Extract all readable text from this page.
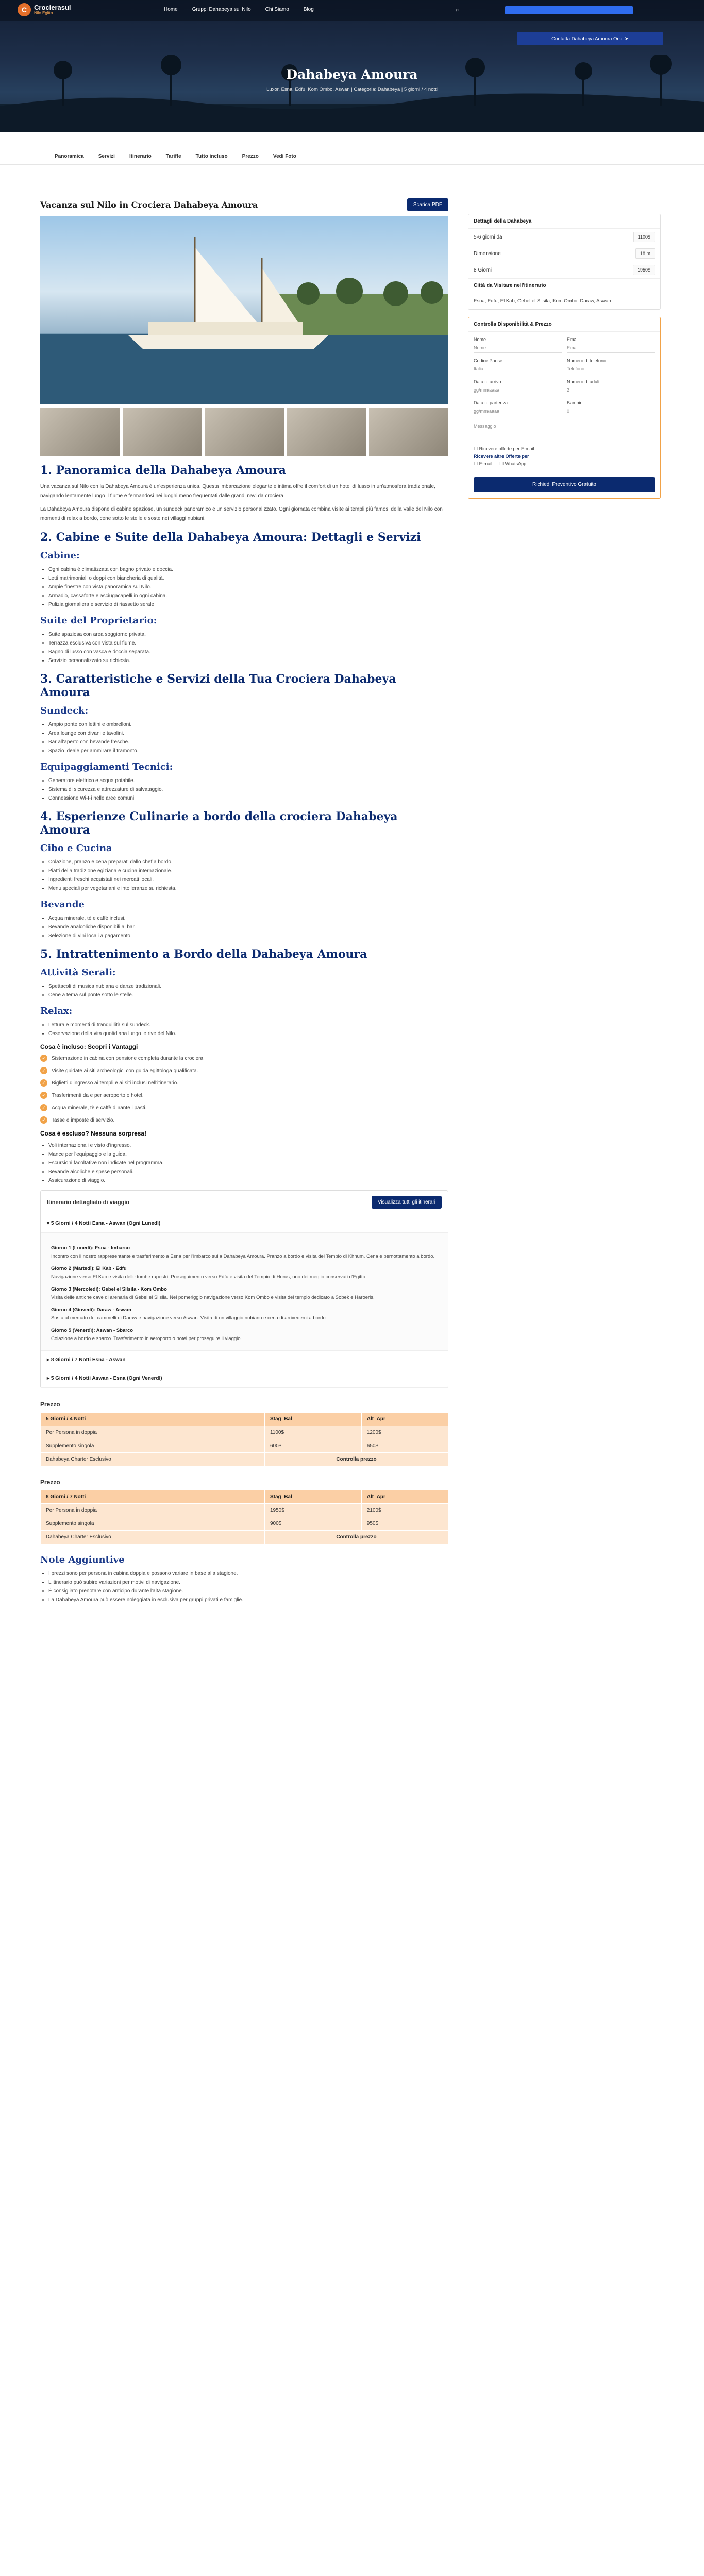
C	Crocierasul
Nilo Egitto
Home	Gruppi Dahabeya sul Nilo	Chi Siamo	Blog	⌕
Contatta Dahabeya Amoura Ora ➤
Dahabeya Amoura
Luxor, Esna, Edfu, Kom Ombo, Aswan | Categoria: Dahabeya | 5 giorni / 4 notti
Panoramica	Servizi	Itinerario	Tariffe	Tutto incluso	Prezzo	Vedi Foto
Vacanza sul Nilo in Crociera Dahabeya Amoura	Scarica PDF
1. Panoramica della Dahabeya Amoura

Una vacanza sul Nilo con la Dahabeya Amoura è un'esperienza unica. Questa imbarcazione elegante e intima offre il comfort di un hotel di lusso in un'atmosfera tradizionale, navigando lentamente lungo il fiume e fermandosi nei luoghi meno frequentati dalle grandi navi da crociera.

La Dahabeya Amoura dispone di cabine spaziose, un sundeck panoramico e un servizio personalizzato. Ogni giornata combina visite ai templi più famosi della Valle del Nilo con momenti di relax a bordo, cene sotto le stelle e soste nei villaggi nubiani.

2. Cabine e Suite della Dahabeya Amoura: Dettagli e Servizi
Cabine:
• Ogni cabina è climatizzata con bagno privato e doccia.
• Letti matrimoniali o doppi con biancheria di qualità.
• Ampie finestre con vista panoramica sul Nilo.
• Armadio, cassaforte e asciugacapelli in ogni cabina.
• Pulizia giornaliera e servizio di riassetto serale.
Suite del Proprietario:
• Suite spaziosa con area soggiorno privata.
• Terrazza esclusiva con vista sul fiume.
• Bagno di lusso con vasca e doccia separata.
• Servizio personalizzato su richiesta.
3. Caratteristiche e Servizi della Tua Crociera Dahabeya Amoura
Sundeck:
• Ampio ponte con lettini e ombrelloni.
• Area lounge con divani e tavolini.
• Bar all'aperto con bevande fresche.
• Spazio ideale per ammirare il tramonto.
Equipaggiamenti Tecnici:
• Generatore elettrico e acqua potabile.
• Sistema di sicurezza e attrezzature di salvataggio.
• Connessione Wi-Fi nelle aree comuni.
4. Esperienze Culinarie a bordo della crociera Dahabeya Amoura
Cibo e Cucina
• Colazione, pranzo e cena preparati dallo chef a bordo.
• Piatti della tradizione egiziana e cucina internazionale.
• Ingredienti freschi acquistati nei mercati locali.
• Menu speciali per vegetariani e intolleranze su richiesta.
Bevande
• Acqua minerale, tè e caffè inclusi.
• Bevande analcoliche disponibili al bar.
• Selezione di vini locali a pagamento.
5. Intrattenimento a Bordo della Dahabeya Amoura
Attività Serali:
• Spettacoli di musica nubiana e danze tradizionali.
• Cene a tema sul ponte sotto le stelle.
Relax:
• Lettura e momenti di tranquillità sul sundeck.
• Osservazione della vita quotidiana lungo le rive del Nilo.
Cosa è incluso: Scopri i Vantaggi
✓	Sistemazione in cabina con pensione completa durante la crociera.
✓	Visite guidate ai siti archeologici con guida egittologa qualificata.
✓	Biglietti d'ingresso ai templi e ai siti inclusi nell'itinerario.
✓	Trasferimenti da e per aeroporto o hotel.
✓	Acqua minerale, tè e caffè durante i pasti.
✓	Tasse e imposte di servizio.
Cosa è escluso? Nessuna sorpresa!
• Voli internazionali e visto d'ingresso.
• Mance per l'equipaggio e la guida.
• Escursioni facoltative non indicate nel programma.
• Bevande alcoliche e spese personali.
• Assicurazione di viaggio.
Itinerario dettagliato di viaggio	Visualizza tutti gli itinerari
▾ 5 Giorni / 4 Notti Esna - Aswan (Ogni Lunedì)
Giorno 1 (Lunedì): Esna - Imbarco
Incontro con il nostro rappresentante e trasferimento a Esna per l'imbarco sulla Dahabeya Amoura. Pranzo a bordo e visita del Tempio di Khnum. Cena e pernottamento a bordo.
Giorno 2 (Martedì): El Kab - Edfu
Navigazione verso El Kab e visita delle tombe rupestri. Proseguimento verso Edfu e visita del Tempio di Horus, uno dei meglio conservati d'Egitto.
Giorno 3 (Mercoledì): Gebel el Silsila - Kom Ombo
Visita delle antiche cave di arenaria di Gebel el Silsila. Nel pomeriggio navigazione verso Kom Ombo e visita del tempio dedicato a Sobek e Haroeris.
Giorno 4 (Giovedì): Daraw - Aswan
Sosta al mercato dei cammelli di Daraw e navigazione verso Aswan. Visita di un villaggio nubiano e cena di arrivederci a bordo.
Giorno 5 (Venerdì): Aswan - Sbarco
Colazione a bordo e sbarco. Trasferimento in aeroporto o hotel per proseguire il viaggio.
▸ 8 Giorni / 7 Notti Esna - Aswan
▸ 5 Giorni / 4 Notti Aswan - Esna (Ogni Venerdì)
Prezzo
5 Giorni / 4 Notti	Stag_Bal	Alt_Apr
Per Persona in doppia	1100$	1200$
Supplemento singola	600$	650$
Dahabeya Charter Esclusivo	Controlla prezzo	
Prezzo
8 Giorni / 7 Notti	Stag_Bal	Alt_Apr
Per Persona in doppia	1950$	2100$
Supplemento singola	900$	950$
Dahabeya Charter Esclusivo	Controlla prezzo	
Note Aggiuntive
• I prezzi sono per persona in cabina doppia e possono variare in base alla stagione.
• L'itinerario può subire variazioni per motivi di navigazione.
• È consigliato prenotare con anticipo durante l'alta stagione.
• La Dahabeya Amoura può essere noleggiata in esclusiva per gruppi privati e famiglie.
Dettagli della Dahabeya
5-6 giorni da	1100$
Dimensione	18 m
8 Giorni	1950$
Città da Visitare nell'itinerario
Esna, Edfu, El Kab, Gebel el Silsila, Kom Ombo, Daraw, Aswan
Controlla Disponibilità & Prezzo
Nome
Nome
Email
Email
Codice Paese
Italia
Numero di telefono
Telefono
Data di arrivo
gg/mm/aaaa
Numero di adulti
2
Data di partenza
gg/mm/aaaa
Bambini
0
Messaggio
☐ Ricevere offerte per E-mail
Ricevere altre Offerte per
☐ E-mail ☐ WhatsApp
Richiedi Preventivo Gratuito
